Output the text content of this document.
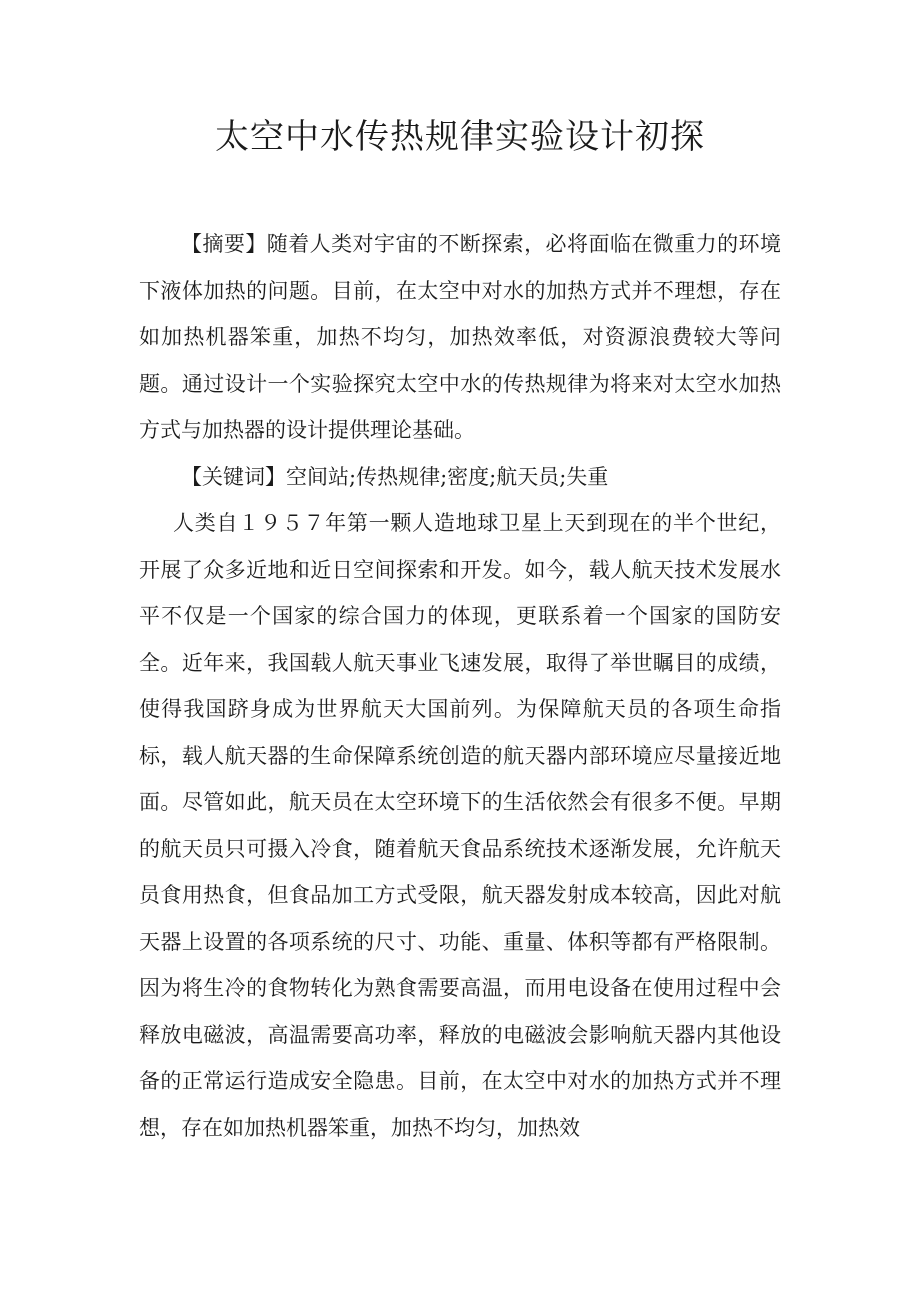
太空中水传热规律实验设计初探

【摘要】随着人类对宇宙的不断探索，必将面临在微重力的环境下液体加热的问题。目前，在太空中对水的加热方式并不理想，存在如加热机器笨重，加热不均匀，加热效率低，对资源浪费较大等问题。通过设计一个实验探究太空中水的传热规律为将来对太空水加热方式与加热器的设计提供理论基础。

【关键词】空间站;传热规律;密度;航天员;失重

人类自１９５７年第一颗人造地球卫星上天到现在的半个世纪，开展了众多近地和近日空间探索和开发。如今，载人航天技术发展水平不仅是一个国家的综合国力的体现，更联系着一个国家的国防安全。近年来，我国载人航天事业飞速发展，取得了举世瞩目的成绩，使得我国跻身成为世界航天大国前列。为保障航天员的各项生命指标，载人航天器的生命保障系统创造的航天器内部环境应尽量接近地面。尽管如此，航天员在太空环境下的生活依然会有很多不便。早期的航天员只可摄入冷食，随着航天食品系统技术逐渐发展，允许航天员食用热食，但食品加工方式受限，航天器发射成本较高，因此对航天器上设置的各项系统的尺寸、功能、重量、体积等都有严格限制。因为将生冷的食物转化为熟食需要高温，而用电设备在使用过程中会释放电磁波，高温需要高功率，释放的电磁波会影响航天器内其他设备的正常运行造成安全隐患。目前，在太空中对水的加热方式并不理想，存在如加热机器笨重，加热不均匀，加热效
